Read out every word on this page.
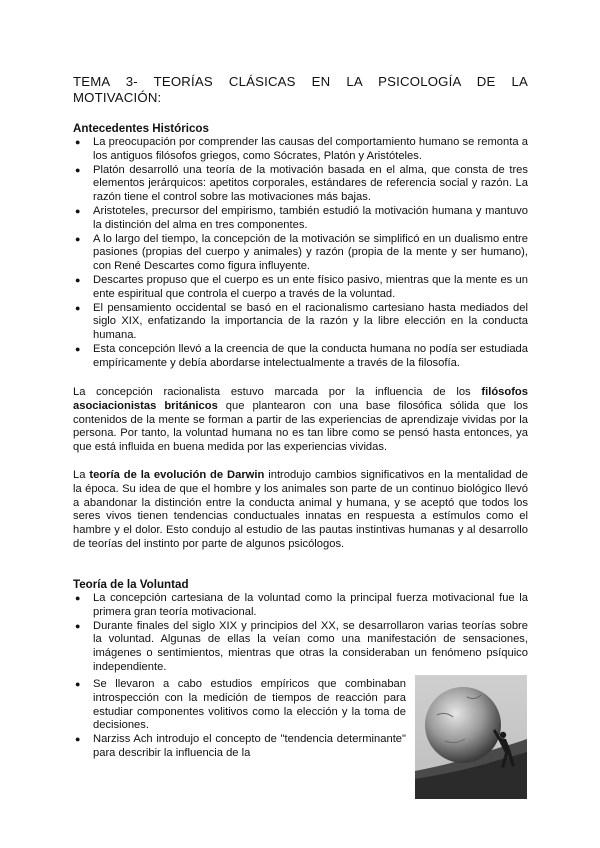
TEMA 3- TEORÍAS CLÁSICAS EN LA PSICOLOGÍA DE LA
MOTIVACIÓN:
Antecedentes Históricos
● La preocupación por comprender las causas del comportamiento humano se remonta a los antiguos filósofos griegos, como Sócrates, Platón y Aristóteles.
● Platón desarrolló una teoría de la motivación basada en el alma, que consta de tres elementos jerárquicos: apetitos corporales, estándares de referencia social y razón. La razón tiene el control sobre las motivaciones más bajas.
● Aristoteles, precursor del empirismo, también estudió la motivación humana y mantuvo la distinción del alma en tres componentes.
● A lo largo del tiempo, la concepción de la motivación se simplificó en un dualismo entre pasiones (propias del cuerpo y animales) y razón (propia de la mente y ser humano), con René Descartes como figura influyente.
● Descartes propuso que el cuerpo es un ente físico pasivo, mientras que la mente es un ente espiritual que controla el cuerpo a través de la voluntad.
● El pensamiento occidental se basó en el racionalismo cartesiano hasta mediados del siglo XIX, enfatizando la importancia de la razón y la libre elección en la conducta humana.
● Esta concepción llevó a la creencia de que la conducta humana no podía ser estudiada empíricamente y debía abordarse intelectualmente a través de la filosofía.

La concepción racionalista estuvo marcada por la influencia de los filósofos asociacionistas británicos que plantearon con una base filosófica sólida que los contenidos de la mente se forman a partir de las experiencias de aprendizaje vividas por la persona. Por tanto, la voluntad humana no es tan libre como se pensó hasta entonces, ya que está influida en buena medida por las experiencias vividas.

La teoría de la evolución de Darwin introdujo cambios significativos en la mentalidad de la época. Su idea de que el hombre y los animales son parte de un continuo biológico llevó a abandonar la distinción entre la conducta animal y humana, y se aceptó que todos los seres vivos tienen tendencias conductuales innatas en respuesta a estímulos como el hambre y el dolor. Esto condujo al estudio de las pautas instintivas humanas y al desarrollo de teorías del instinto por parte de algunos psicólogos.

Teoría de la Voluntad
● La concepción cartesiana de la voluntad como la principal fuerza motivacional fue la primera gran teoría motivacional.
● Durante finales del siglo XIX y principios del XX, se desarrollaron varias teorías sobre la voluntad. Algunas de ellas la veían como una manifestación de sensaciones, imágenes o sentimientos, mientras que otras la consideraban un fenómeno psíquico independiente.
● Se llevaron a cabo estudios empíricos que combinaban introspección con la medición de tiempos de reacción para estudiar componentes volitivos como la elección y la toma de decisiones.
● Narziss Ach introdujo el concepto de "tendencia determinante" para describir la influencia de la
